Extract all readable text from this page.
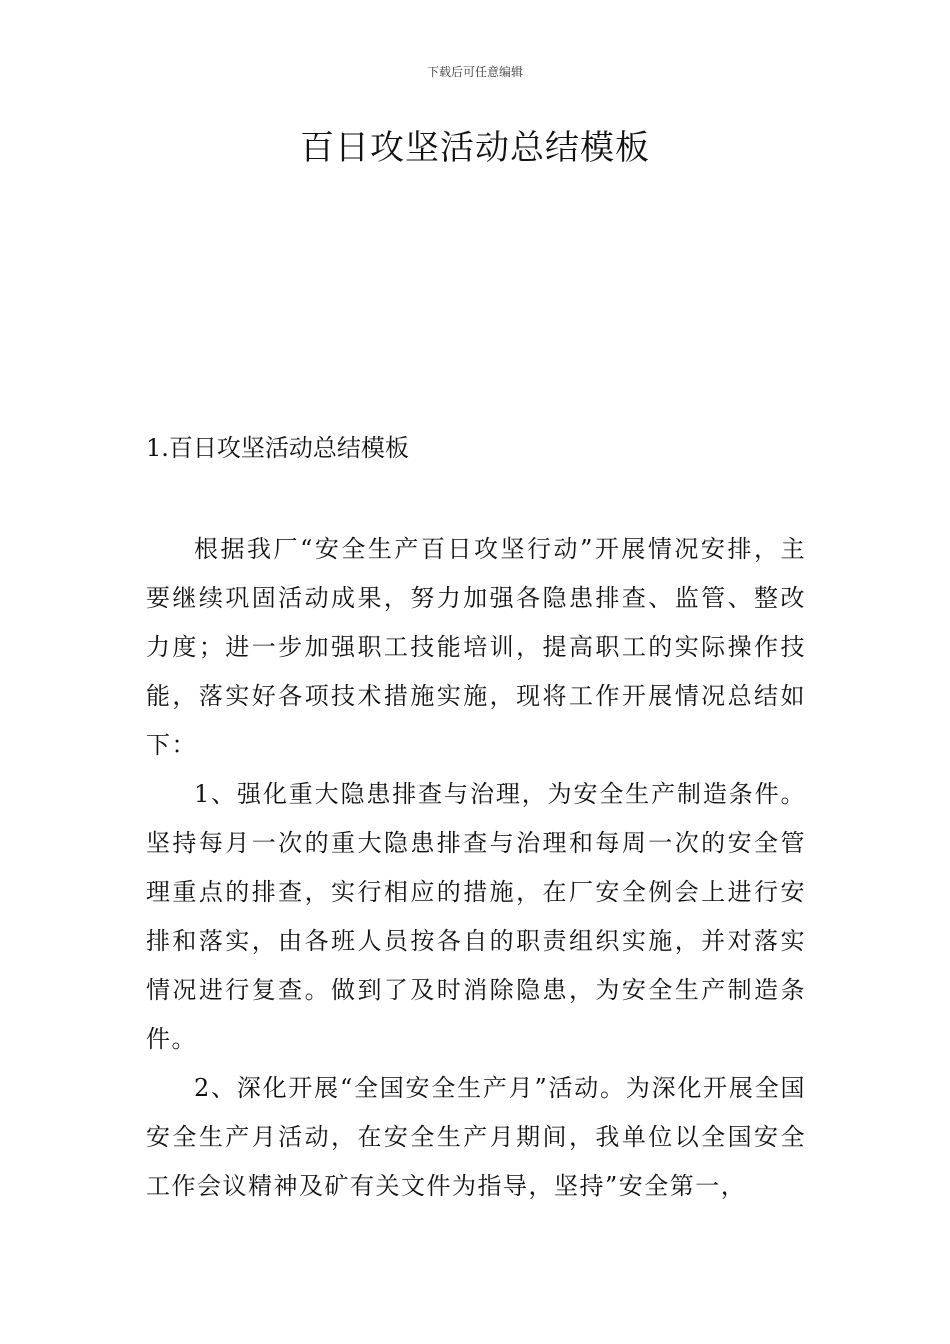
下载后可任意编辑
百日攻坚活动总结模板
1.百日攻坚活动总结模板

根据我厂“安全生产百日攻坚行动”开展情况安排，主要继续巩固活动成果，努力加强各隐患排查、监管、整改力度；进一步加强职工技能培训，提高职工的实际操作技能，落实好各项技术措施实施，现将工作开展情况总结如下：

1、强化重大隐患排查与治理，为安全生产制造条件。坚持每月一次的重大隐患排查与治理和每周一次的安全管理重点的排查，实行相应的措施，在厂安全例会上进行安排和落实，由各班人员按各自的职责组织实施，并对落实情况进行复查。做到了及时消除隐患，为安全生产制造条件。

2、深化开展“全国安全生产月”活动。为深化开展全国安全生产月活动，在安全生产月期间，我单位以全国安全工作会议精神及矿有关文件为指导，坚持”安全第一，
